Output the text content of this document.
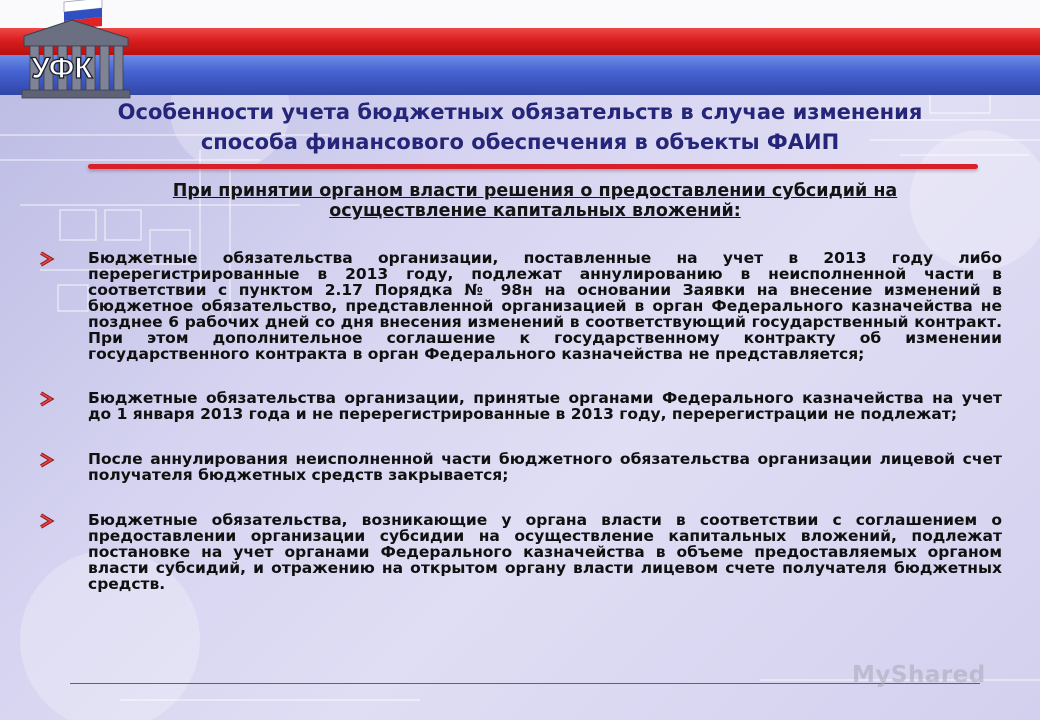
УФК
Особенности учета бюджетных обязательств в случае изменения
способа финансового обеспечения в объекты ФАИП
При принятии органом власти решения о предоставлении субсидий на
осуществление капитальных вложений:
Бюджетные обязательства организации, поставленные на учет в 2013 году либо перерегистрированные в 2013 году, подлежат аннулированию в неисполненной части в соответствии с пунктом 2.17 Порядка № 98н на основании Заявки на внесение изменений в бюджетное обязательство, представленной организацией в орган Федерального казначейства не позднее 6 рабочих дней со дня внесения изменений в соответствующий государственный контракт. При этом дополнительное соглашение к государственному контракту об изменении государственного контракта в орган Федерального казначейства не представляется;
Бюджетные обязательства организации, принятые органами Федерального казначейства на учет до 1 января 2013 года и не перерегистрированные в 2013 году, перерегистрации не подлежат;
После аннулирования неисполненной части бюджетного обязательства организации лицевой счет получателя бюджетных средств закрывается;
Бюджетные обязательства, возникающие у органа власти в соответствии с соглашением о предоставлении организации субсидии на осуществление капитальных вложений, подлежат постановке на учет органами Федерального казначейства в объеме предоставляемых органом власти субсидий, и отражению на открытом органу власти лицевом счете получателя бюджетных средств.
MyShared
